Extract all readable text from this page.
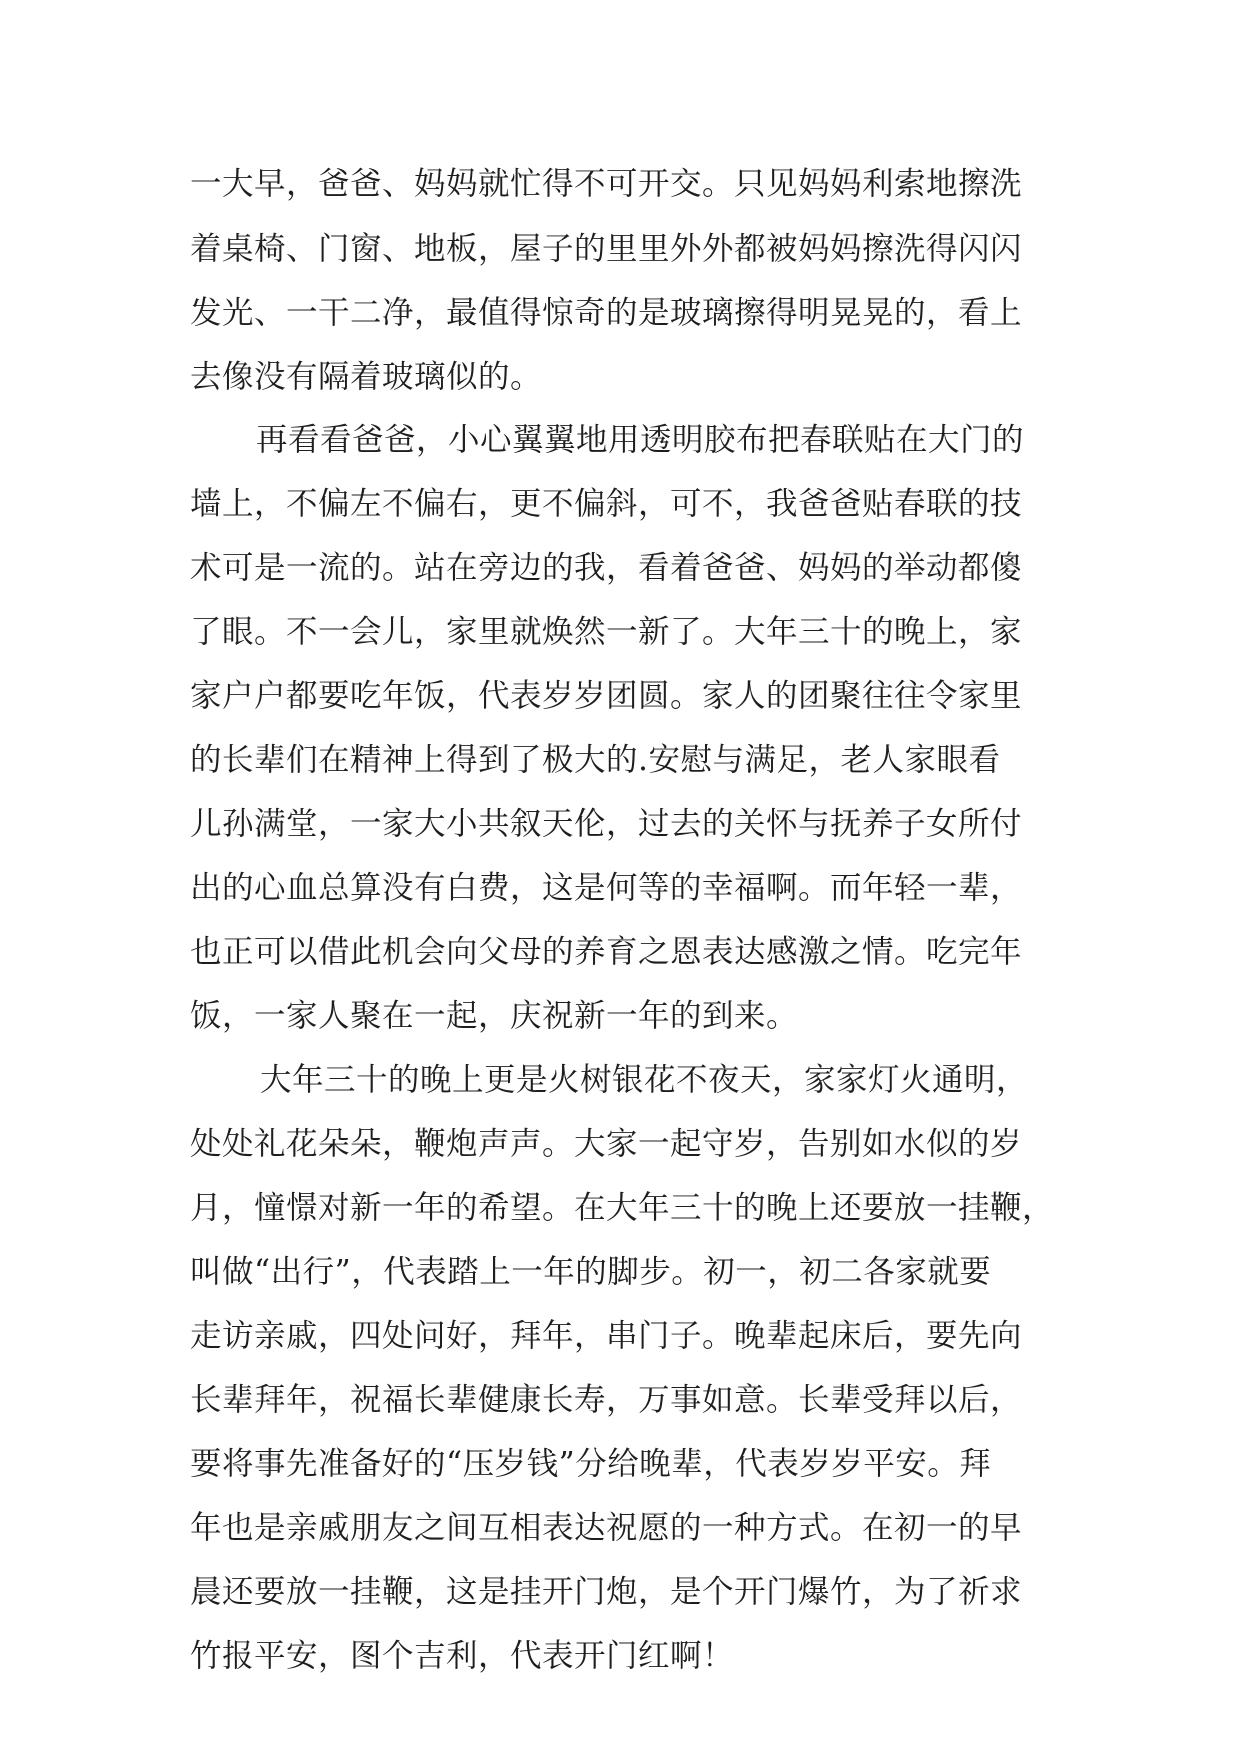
一大早，爸爸、妈妈就忙得不可开交。只见妈妈利索地擦洗
着桌椅、门窗、地板，屋子的里里外外都被妈妈擦洗得闪闪
发光、一干二净，最值得惊奇的是玻璃擦得明晃晃的，看上
去像没有隔着玻璃似的。
再看看爸爸，小心翼翼地用透明胶布把春联贴在大门的
墙上，不偏左不偏右，更不偏斜，可不，我爸爸贴春联的技
术可是一流的。站在旁边的我，看着爸爸、妈妈的举动都傻
了眼。不一会儿，家里就焕然一新了。大年三十的晚上，家
家户户都要吃年饭，代表岁岁团圆。家人的团聚往往令家里
的长辈们在精神上得到了极大的.安慰与满足，老人家眼看
儿孙满堂，一家大小共叙天伦，过去的关怀与抚养子女所付
出的心血总算没有白费，这是何等的幸福啊。而年轻一辈，
也正可以借此机会向父母的养育之恩表达感激之情。吃完年
饭，一家人聚在一起，庆祝新一年的到来。
大年三十的晚上更是火树银花不夜天，家家灯火通明，
处处礼花朵朵，鞭炮声声。大家一起守岁，告别如水似的岁
月，憧憬对新一年的希望。在大年三十的晚上还要放一挂鞭，
叫做“出行”，代表踏上一年的脚步。初一，初二各家就要
走访亲戚，四处问好，拜年，串门子。晚辈起床后，要先向
长辈拜年，祝福长辈健康长寿，万事如意。长辈受拜以后，
要将事先准备好的“压岁钱”分给晚辈，代表岁岁平安。拜
年也是亲戚朋友之间互相表达祝愿的一种方式。在初一的早
晨还要放一挂鞭，这是挂开门炮，是个开门爆竹，为了祈求
竹报平安，图个吉利，代表开门红啊！
